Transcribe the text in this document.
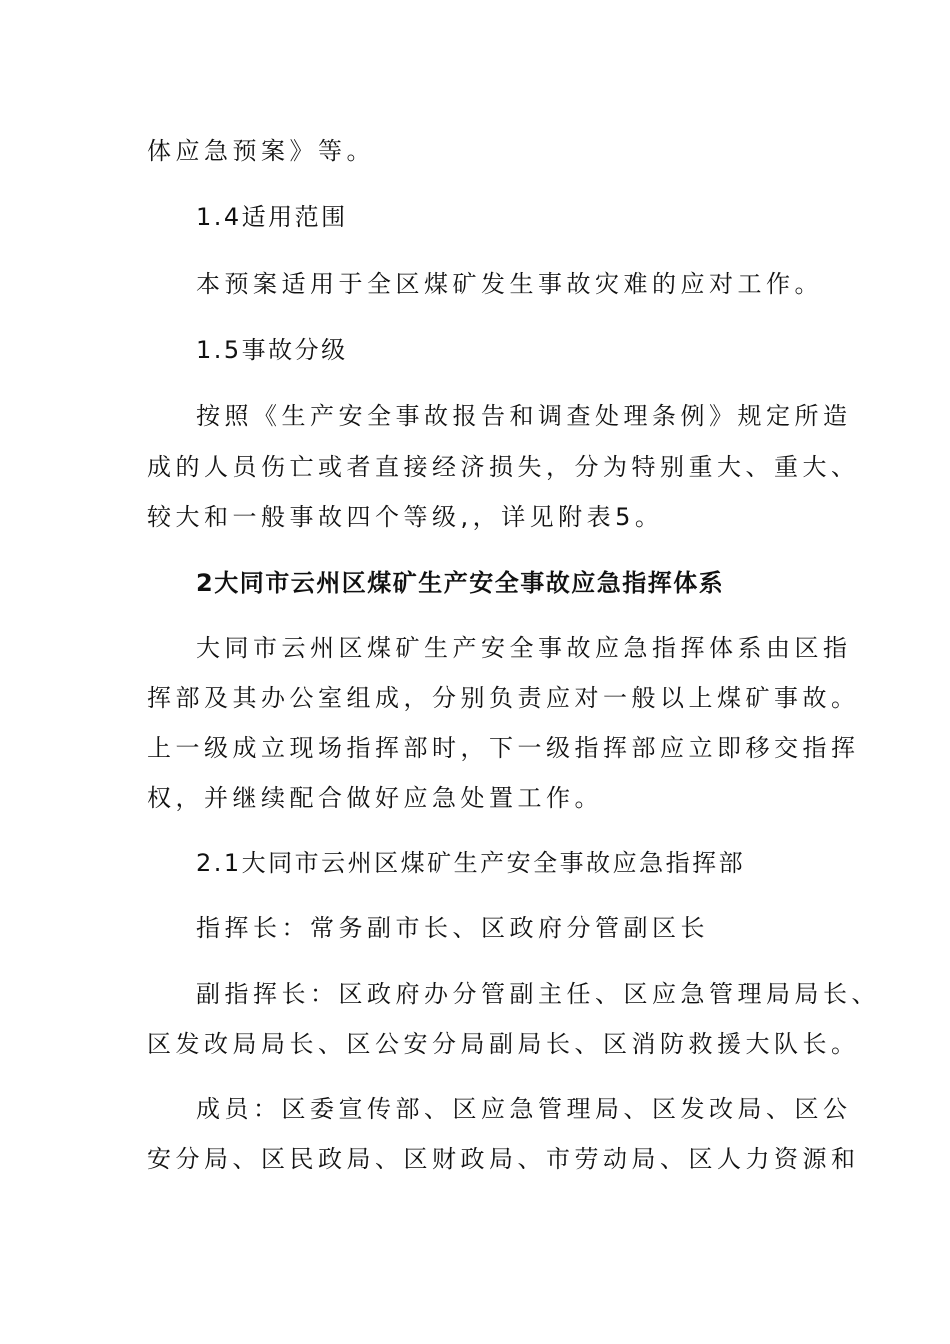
体应急预案》等。
1.4适用范围
本预案适用于全区煤矿发生事故灾难的应对工作。
1.5事故分级
按照《生产安全事故报告和调查处理条例》规定所造
成的人员伤亡或者直接经济损失，分为特别重大、重大、
较大和一般事故四个等级,，详见附表5。
2大同市云州区煤矿生产安全事故应急指挥体系
大同市云州区煤矿生产安全事故应急指挥体系由区指
挥部及其办公室组成，分别负责应对一般以上煤矿事故。
上一级成立现场指挥部时，下一级指挥部应立即移交指挥
权，并继续配合做好应急处置工作。
2.1大同市云州区煤矿生产安全事故应急指挥部
指挥长：常务副市长、区政府分管副区长
副指挥长：区政府办分管副主任、区应急管理局局长、
区发改局局长、区公安分局副局长、区消防救援大队长。
成员：区委宣传部、区应急管理局、区发改局、区公
安分局、区民政局、区财政局、市劳动局、区人力资源和
